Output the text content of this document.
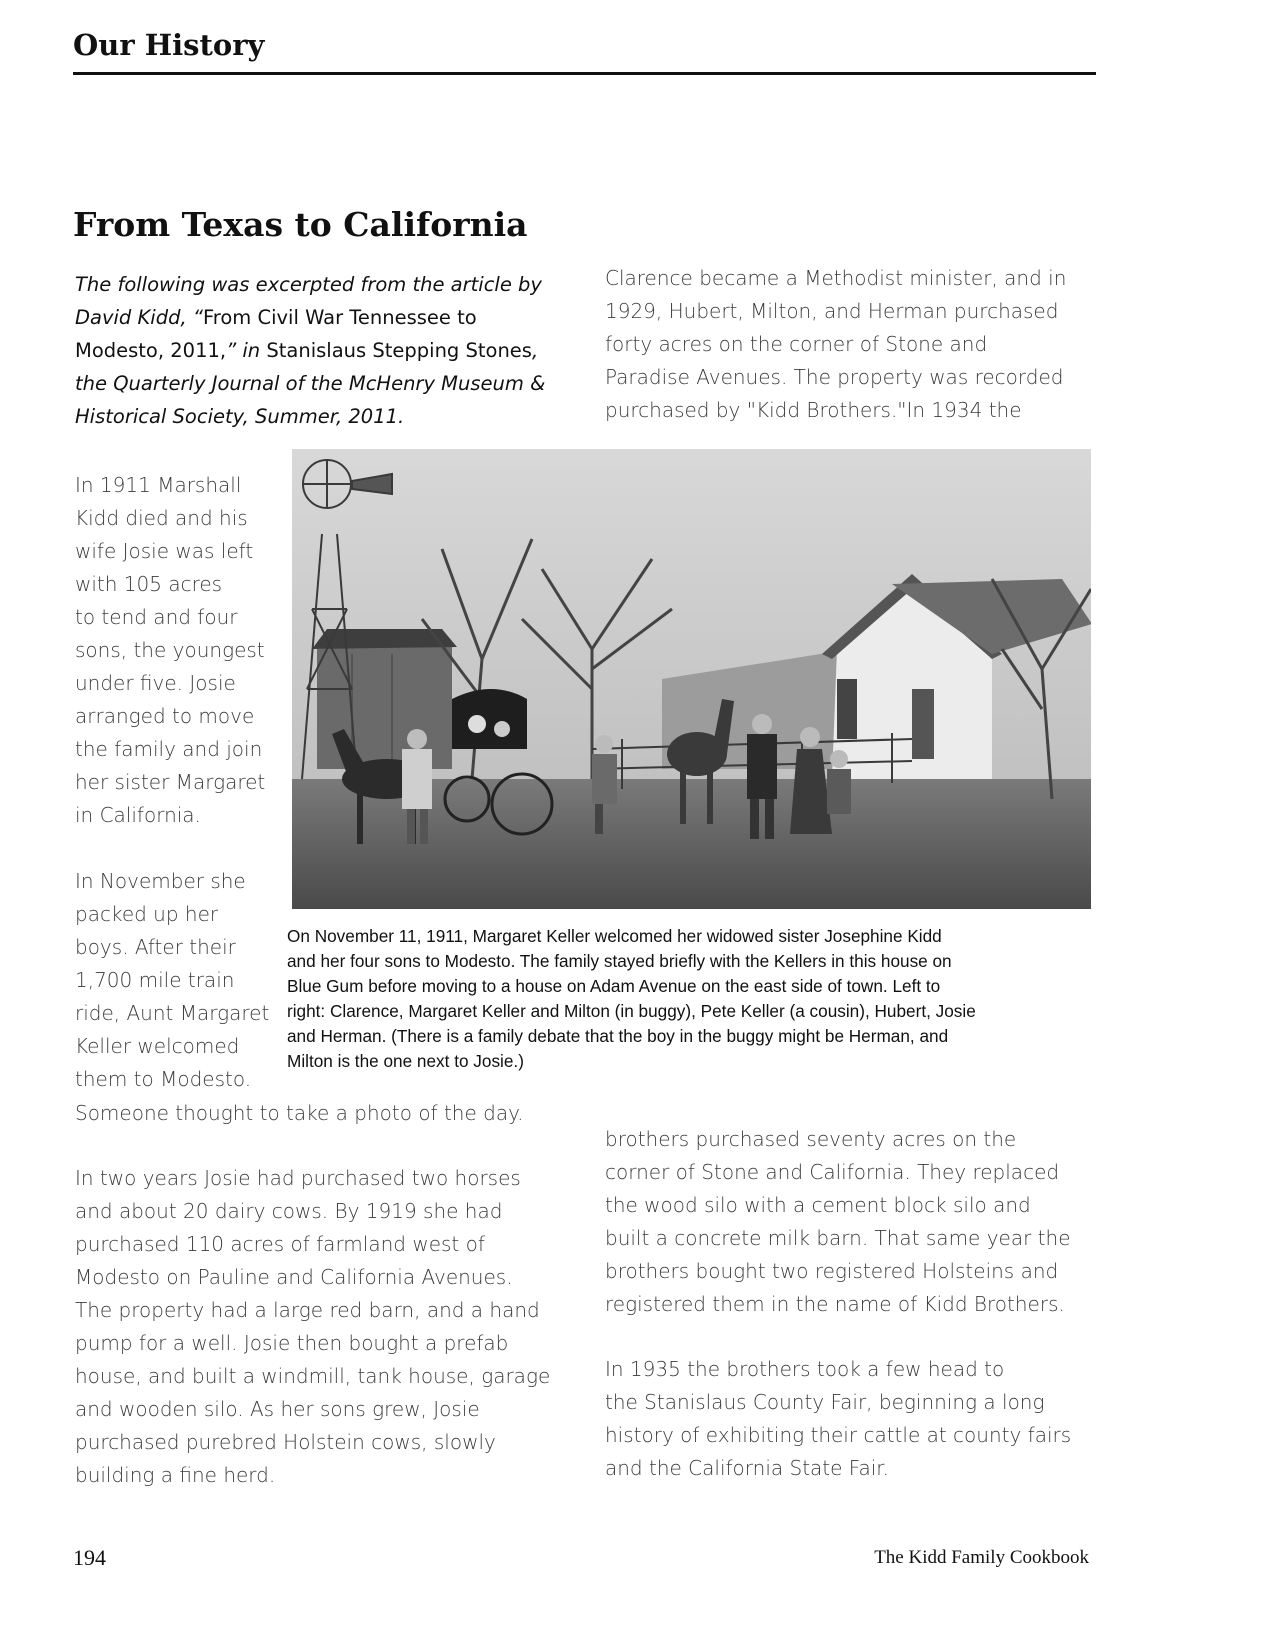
Our History
From Texas to California

The following was excerpted from the article by David Kidd, “From Civil War Tennessee to Modesto, 2011,” in Stanislaus Stepping Stones, the Quarterly Journal of the McHenry Museum & Historical Society, Summer, 2011.

Clarence became a Methodist minister, and in
1929, Hubert, Milton, and Herman purchased
forty acres on the corner of Stone and
Paradise Avenues. The property was recorded
purchased by "Kidd Brothers."In 1934 the

In 1911 Marshall
Kidd died and his
wife Josie was left
with 105 acres
to tend and four
sons, the youngest
under five. Josie
arranged to move
the family and join
her sister Margaret
in California.

In November she
packed up her
boys. After their
1,700 mile train
ride, Aunt Margaret
Keller welcomed
them to Modesto.

Someone thought to take a photo of the day.

In two years Josie had purchased two horses
and about 20 dairy cows. By 1919 she had
purchased 110 acres of farmland west of
Modesto on Pauline and California Avenues.
The property had a large red barn, and a hand
pump for a well. Josie then bought a prefab
house, and built a windmill, tank house, garage
and wooden silo. As her sons grew, Josie
purchased purebred Holstein cows, slowly
building a fine herd.

brothers purchased seventy acres on the
corner of Stone and California. They replaced
the wood silo with a cement block silo and
built a concrete milk barn. That same year the
brothers bought two registered Holsteins and
registered them in the name of Kidd Brothers.

In 1935 the brothers took a few head to
the Stanislaus County Fair, beginning a long
history of exhibiting their cattle at county fairs
and the California State Fair.

On November 11, 1911, Margaret Keller welcomed her widowed sister Josephine Kidd
and her four sons to Modesto. The family stayed briefly with the Kellers in this house on
Blue Gum before moving to a house on Adam Avenue on the east side of town. Left to
right: Clarence, Margaret Keller and Milton (in buggy), Pete Keller (a cousin), Hubert, Josie
and Herman. (There is a family debate that the boy in the buggy might be Herman, and
Milton is the one next to Josie.)

194	The Kidd Family Cookbook
